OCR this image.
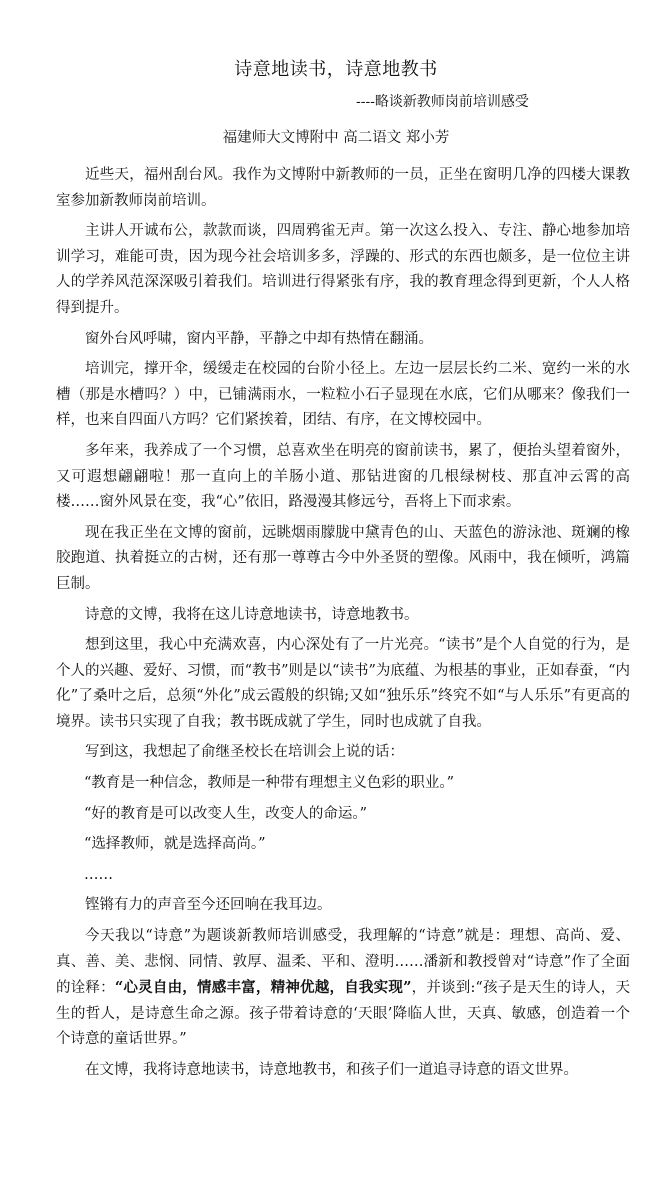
诗意地读书，诗意地教书
----略谈新教师岗前培训感受
福建师大文博附中 高二语文 郑小芳

近些天，福州刮台风。我作为文博附中新教师的一员，正坐在窗明几净的四楼大课教室参加新教师岗前培训。

主讲人开诚布公，款款而谈，四周鸦雀无声。第一次这么投入、专注、静心地参加培训学习，难能可贵，因为现今社会培训多多，浮躁的、形式的东西也颇多，是一位位主讲人的学养风范深深吸引着我们。培训进行得紧张有序，我的教育理念得到更新，个人人格得到提升。

窗外台风呼啸，窗内平静，平静之中却有热情在翻涌。

培训完，撑开伞，缓缓走在校园的台阶小径上。左边一层层长约二米、宽约一米的水槽（那是水槽吗？）中，已铺满雨水，一粒粒小石子显现在水底，它们从哪来？像我们一样，也来自四面八方吗？它们紧挨着，团结、有序，在文博校园中。

多年来，我养成了一个习惯，总喜欢坐在明亮的窗前读书，累了，便抬头望着窗外，又可遐想翩翩啦！那一直向上的羊肠小道、那钻进窗的几根绿树枝、那直冲云霄的高楼……窗外风景在变，我“心”依旧，路漫漫其修远兮，吾将上下而求索。

现在我正坐在文博的窗前，远眺烟雨朦胧中黛青色的山、天蓝色的游泳池、斑斓的橡胶跑道、执着挺立的古树，还有那一尊尊古今中外圣贤的塑像。风雨中，我在倾听，鸿篇巨制。

诗意的文博，我将在这儿诗意地读书，诗意地教书。

想到这里，我心中充满欢喜，内心深处有了一片光亮。“读书”是个人自觉的行为，是个人的兴趣、爱好、习惯，而“教书”则是以“读书”为底蕴、为根基的事业，正如春蚕，“内化”了桑叶之后，总须“外化”成云霞般的织锦;又如“独乐乐”终究不如“与人乐乐”有更高的境界。读书只实现了自我；教书既成就了学生，同时也成就了自我。

写到这，我想起了俞继圣校长在培训会上说的话：

“教育是一种信念，教师是一种带有理想主义色彩的职业。”

“好的教育是可以改变人生，改变人的命运。”

“选择教师，就是选择高尚。”

……

铿锵有力的声音至今还回响在我耳边。

今天我以“诗意”为题谈新教师培训感受，我理解的“诗意”就是：理想、高尚、爱、真、善、美、悲悯、同情、敦厚、温柔、平和、澄明……潘新和教授曾对“诗意”作了全面的诠释：“心灵自由，情感丰富，精神优越，自我实现”，并谈到:“孩子是天生的诗人，天生的哲人，是诗意生命之源。孩子带着诗意的‘天眼’降临人世，天真、敏感，创造着一个个诗意的童话世界。”

在文博，我将诗意地读书，诗意地教书，和孩子们一道追寻诗意的语文世界。
